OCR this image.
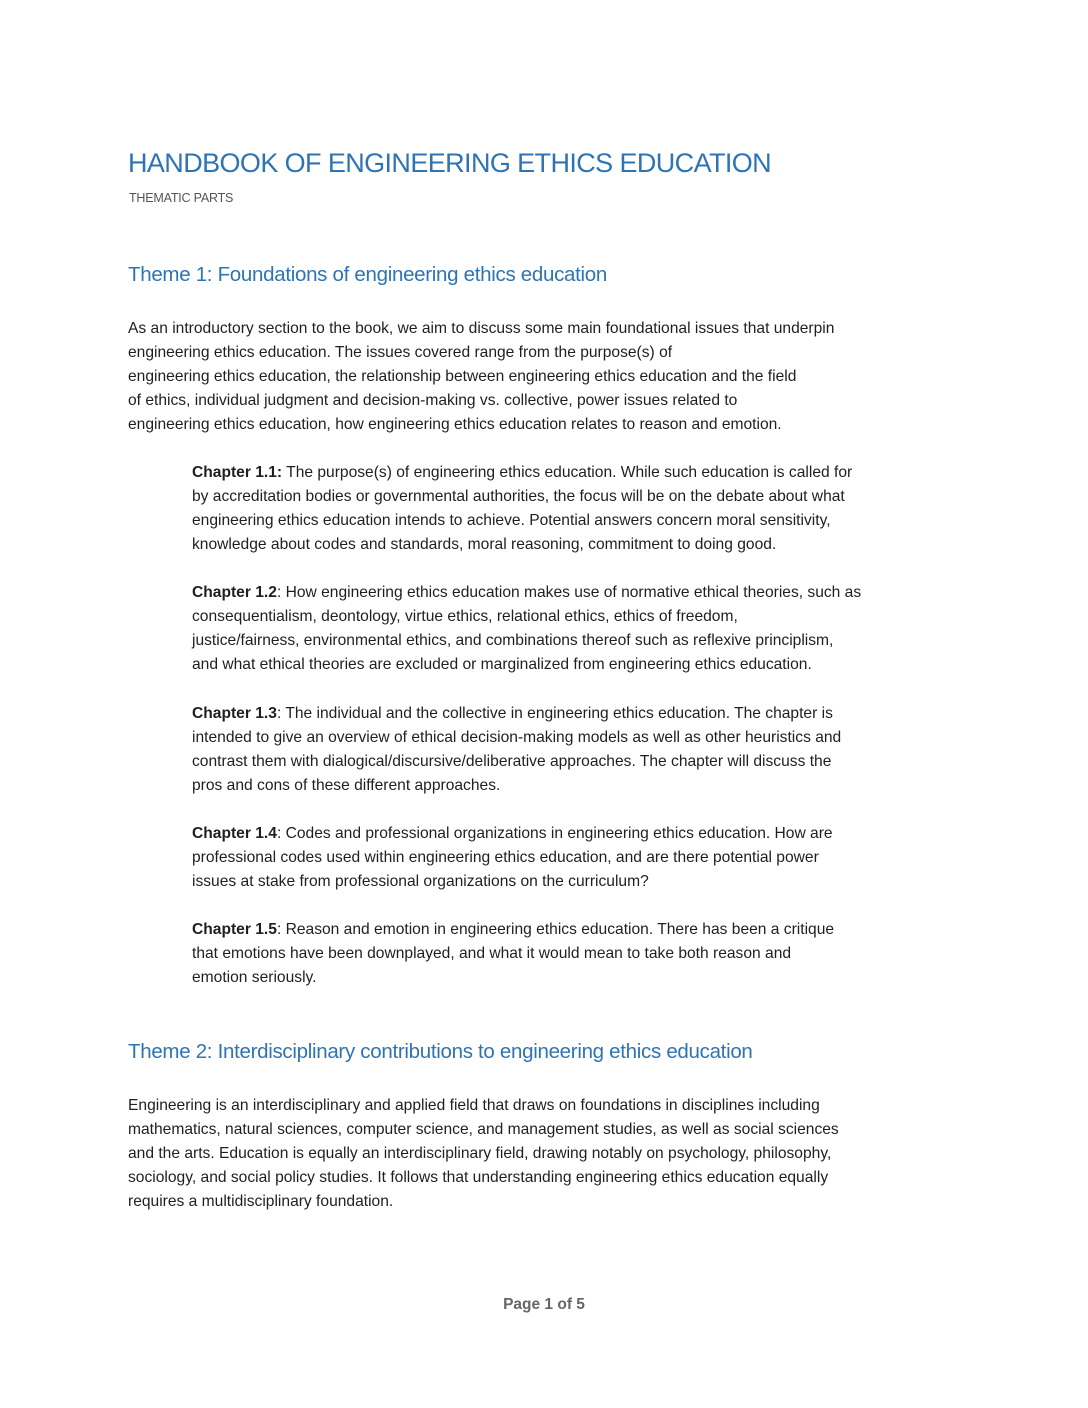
HANDBOOK OF ENGINEERING ETHICS EDUCATION
THEMATIC PARTS
Theme 1: Foundations of engineering ethics education
As an introductory section to the book, we aim to discuss some main foundational issues that underpin
engineering ethics education. The issues covered range from the purpose(s) of
engineering ethics education, the relationship between engineering ethics education and the field
of ethics, individual judgment and decision-making vs. collective, power issues related to
engineering ethics education, how engineering ethics education relates to reason and emotion.
Chapter 1.1: The purpose(s) of engineering ethics education. While such education is called for
by accreditation bodies or governmental authorities, the focus will be on the debate about what
engineering ethics education intends to achieve. Potential answers concern moral sensitivity,
knowledge about codes and standards, moral reasoning, commitment to doing good.
Chapter 1.2: How engineering ethics education makes use of normative ethical theories, such as
consequentialism, deontology, virtue ethics, relational ethics, ethics of freedom,
justice/fairness, environmental ethics, and combinations thereof such as reflexive principlism,
and what ethical theories are excluded or marginalized from engineering ethics education.
Chapter 1.3: The individual and the collective in engineering ethics education. The chapter is
intended to give an overview of ethical decision-making models as well as other heuristics and
contrast them with dialogical/discursive/deliberative approaches. The chapter will discuss the
pros and cons of these different approaches.
Chapter 1.4: Codes and professional organizations in engineering ethics education. How are
professional codes used within engineering ethics education, and are there potential power
issues at stake from professional organizations on the curriculum?
Chapter 1.5: Reason and emotion in engineering ethics education. There has been a critique
that emotions have been downplayed, and what it would mean to take both reason and
emotion seriously.
Theme 2: Interdisciplinary contributions to engineering ethics education
Engineering is an interdisciplinary and applied field that draws on foundations in disciplines including
mathematics, natural sciences, computer science, and management studies, as well as social sciences
and the arts. Education is equally an interdisciplinary field, drawing notably on psychology, philosophy,
sociology, and social policy studies. It follows that understanding engineering ethics education equally
requires a multidisciplinary foundation.
Page 1 of 5
